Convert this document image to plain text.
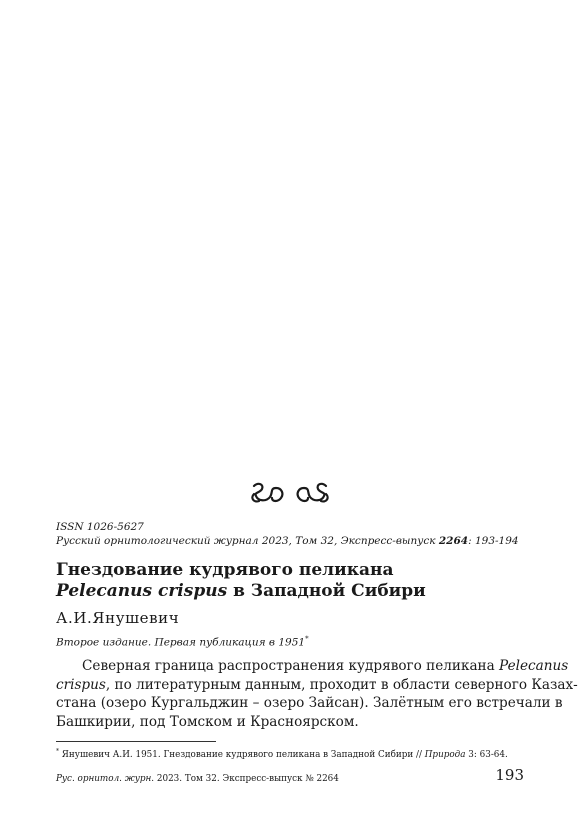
ISSN 1026-5627
Русский орнитологический журнал 2023, Том 32, Экспресс-выпуск 2264: 193-194
Гнездование кудрявого пеликана
Pelecanus crispus в Западной Сибири
А.И.Янушевич
Второе издание. Первая публикация в 1951*

Северная граница распространения кудрявого пеликана Pelecanus
crispus, по литературным данным, проходит в области северного Казах-
стана (озеро Кургальджин – озеро Зайсан). Залётным его встречали в
Башкирии, под Томском и Красноярском.

* Янушевич А.И. 1951. Гнездование кудрявого пеликана в Западной Сибири // Природа 3: 63-64.
Рус. орнитол. журн. 2023. Том 32. Экспресс-выпуск № 2264	193
